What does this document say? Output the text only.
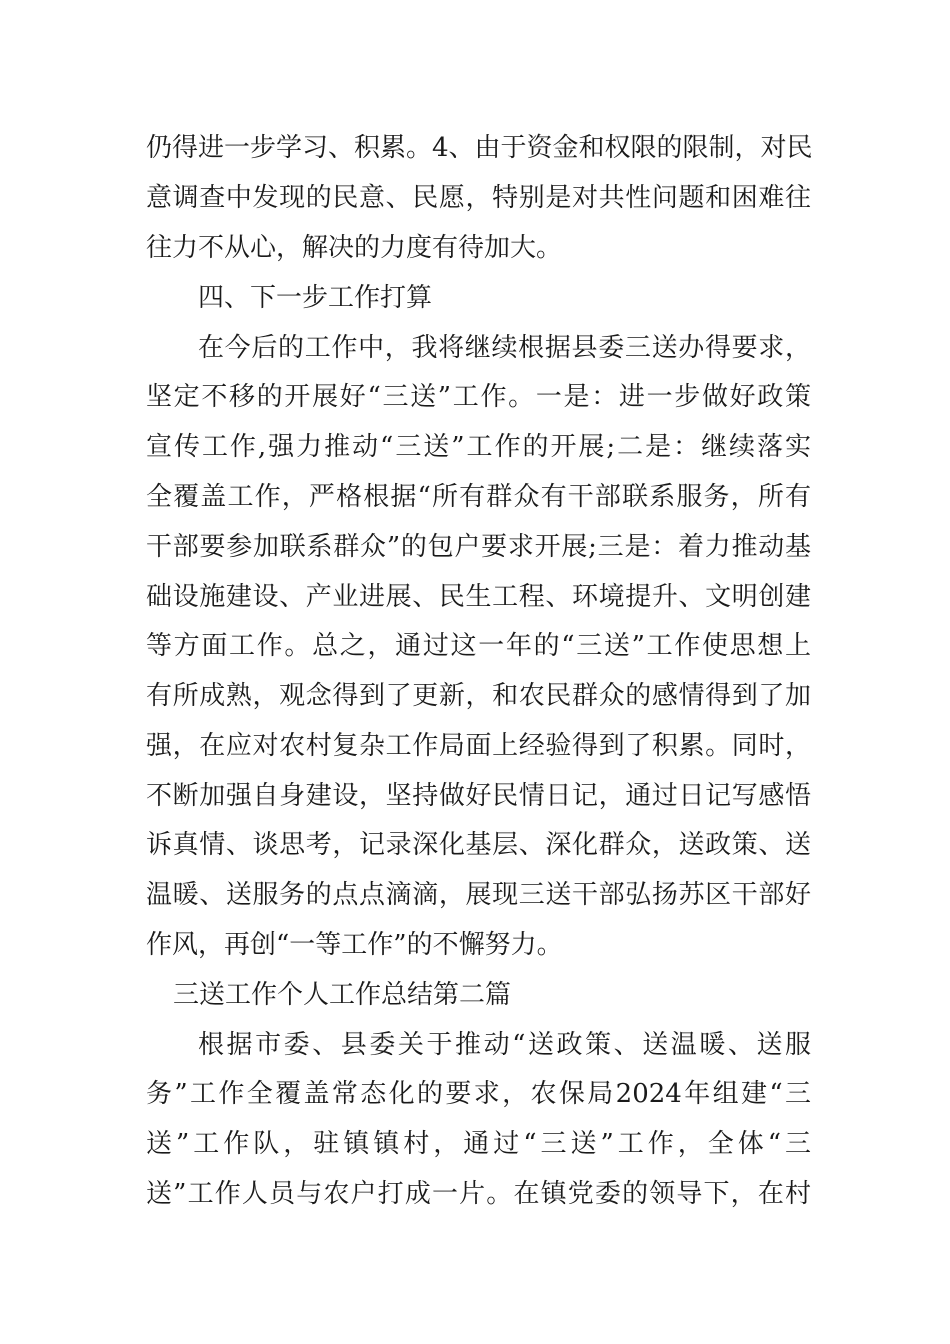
仍得进一步学习、积累。4、由于资金和权限的限制，对民
意调查中发现的民意、民愿，特别是对共性问题和困难往
往力不从心，解决的力度有待加大。
四、下一步工作打算
在今后的工作中，我将继续根据县委三送办得要求，
坚定不移的开展好“三送”工作。一是：进一步做好政策
宣传工作,强力推动“三送”工作的开展;二是：继续落实
全覆盖工作，严格根据“所有群众有干部联系服务，所有
干部要参加联系群众”的包户要求开展;三是：着力推动基
础设施建设、产业进展、民生工程、环境提升、文明创建
等方面工作。总之，通过这一年的“三送”工作使思想上
有所成熟，观念得到了更新，和农民群众的感情得到了加
强，在应对农村复杂工作局面上经验得到了积累。同时，
不断加强自身建设，坚持做好民情日记，通过日记写感悟
诉真情、谈思考，记录深化基层、深化群众，送政策、送
温暖、送服务的点点滴滴，展现三送干部弘扬苏区干部好
作风，再创“一等工作”的不懈努力。
三送工作个人工作总结第二篇
根据市委、县委关于推动“送政策、送温暖、送服
务”工作全覆盖常态化的要求，农保局2024年组建“三
送”工作队，驻镇镇村，通过“三送”工作，全体“三
送”工作人员与农户打成一片。在镇党委的领导下，在村
